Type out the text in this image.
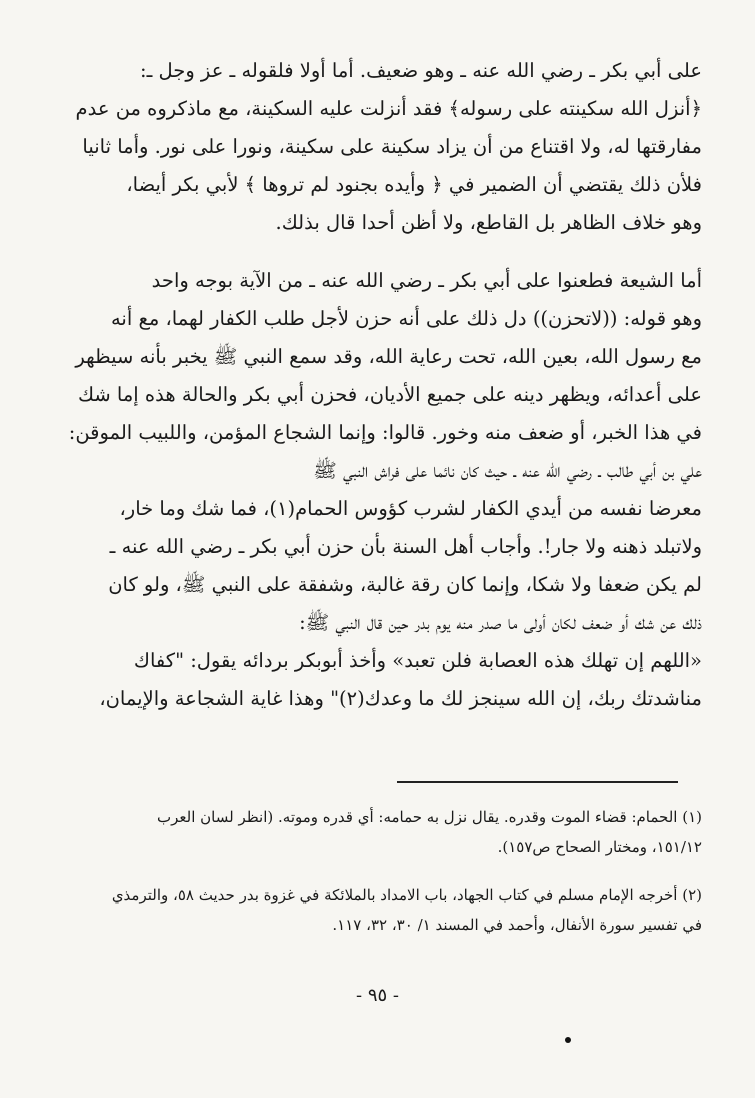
على أبي بكر ـ رضي الله عنه ـ وهو ضعيف. أما أولا فلقوله ـ عز وجل ـ:
﴿أنزل الله سكينته على رسوله﴾ فقد أنزلت عليه السكينة، مع ماذكروه من عدم
مفارقتها له، ولا اقتناع من أن يزاد سكينة على سكينة، ونورا على نور. وأما ثانيا
فلأن ذلك يقتضي أن الضمير في ﴿ وأيده بجنود لم تروها ﴾ لأبي بكر أيضا،
وهو خلاف الظاهر بل القاطع، ولا أظن أحدا قال بذلك.
أما الشيعة فطعنوا على أبي بكر ـ رضي الله عنه ـ من الآية بوجه واحد
وهو قوله: ((لاتحزن)) دل ذلك على أنه حزن لأجل طلب الكفار لهما، مع أنه
مع رسول الله، بعين الله، تحت رعاية الله، وقد سمع النبي ﷺ يخبر بأنه سيظهر
على أعدائه، ويظهر دينه على جميع الأديان، فحزن أبي بكر والحالة هذه إما شك
في هذا الخبر، أو ضعف منه وخور. قالوا: وإنما الشجاع المؤمن، واللبيب الموقن:
علي بن أبي طالب ـ رضي الله عنه ـ حيث كان نائما على فراش النبي ﷺ
معرضا نفسه من أيدي الكفار لشرب كؤوس الحمام(١)، فما شك وما خار،
ولاتبلد ذهنه ولا جار!. وأجاب أهل السنة بأن حزن أبي بكر ـ رضي الله عنه ـ
لم يكن ضعفا ولا شكا، وإنما كان رقة غالبة، وشفقة على النبي ﷺ، ولو كان
ذلك عن شك أو ضعف لكان أولى ما صدر منه يوم بدر حين قال النبي ﷺ:
«اللهم إن تهلك هذه العصابة فلن تعبد» وأخذ أبوبكر بردائه يقول: "كفاك
مناشدتك ربك، إن الله سينجز لك ما وعدك(٢)" وهذا غاية الشجاعة والإيمان،
(١) الحمام: قضاء الموت وقدره. يقال نزل به حمامه: أي قدره وموته. (انظر لسان العرب
١٥١/١٢، ومختار الصحاح ص١٥٧).
(٢) أخرجه الإمام مسلم في كتاب الجهاد، باب الامداد بالملائكة في غزوة بدر حديث ٥٨، والترمذي
في تفسير سورة الأنفال، وأحمد في المسند ١/ ٣٠، ٣٢، ١١٧.
- ٩٥ -
